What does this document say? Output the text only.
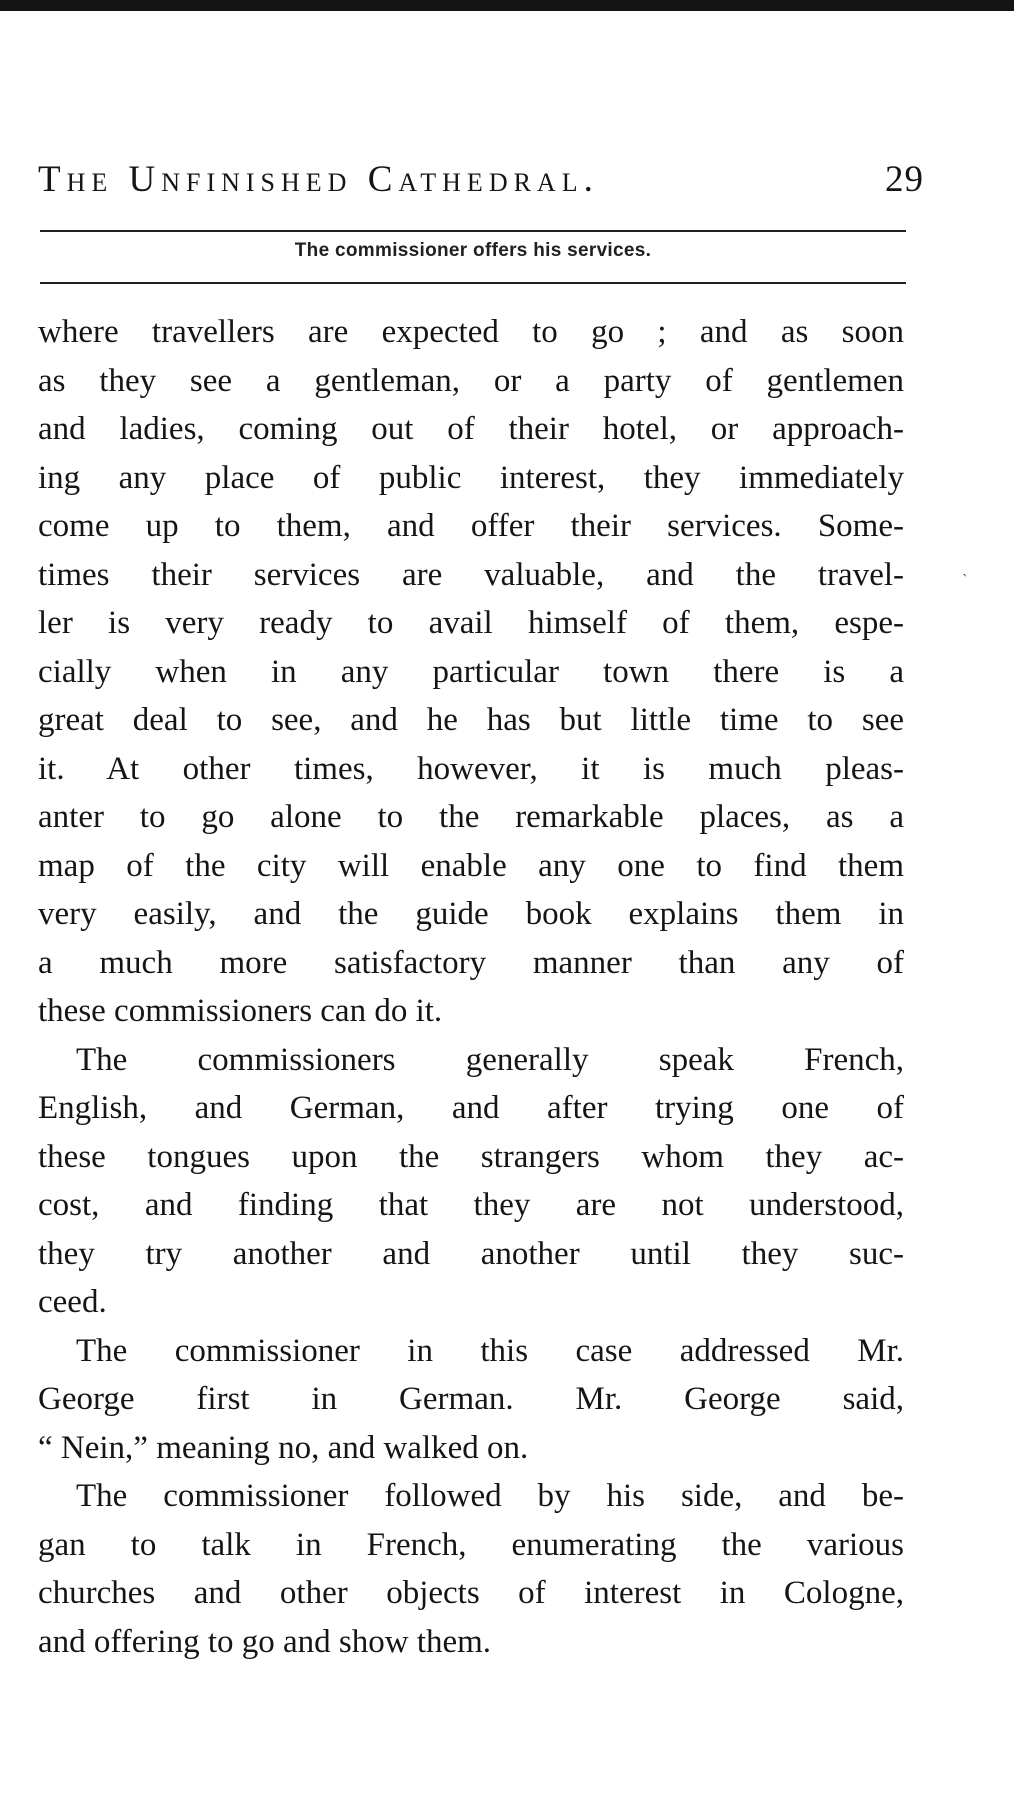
The Unfinished Cathedral.	29
The commissioner offers his services.
where travellers are expected to go ; and as soon
as they see a gentleman, or a party of gentlemen
and ladies, coming out of their hotel, or approach-
ing any place of public interest, they immediately
come up to them, and offer their services. Some-
times their services are valuable, and the travel-
ler is very ready to avail himself of them, espe-
cially when in any particular town there is a
great deal to see, and he has but little time to see
it. At other times, however, it is much pleas-
anter to go alone to the remarkable places, as a
map of the city will enable any one to find them
very easily, and the guide book explains them in
a much more satisfactory manner than any of
these commissioners can do it.
The commissioners generally speak French,
English, and German, and after trying one of
these tongues upon the strangers whom they ac-
cost, and finding that they are not understood,
they try another and another until they suc-
ceed.
The commissioner in this case addressed Mr.
George first in German. Mr. George said,
“ Nein,” meaning no, and walked on.
The commissioner followed by his side, and be-
gan to talk in French, enumerating the various
churches and other objects of interest in Cologne,
and offering to go and show them.
ˋ
